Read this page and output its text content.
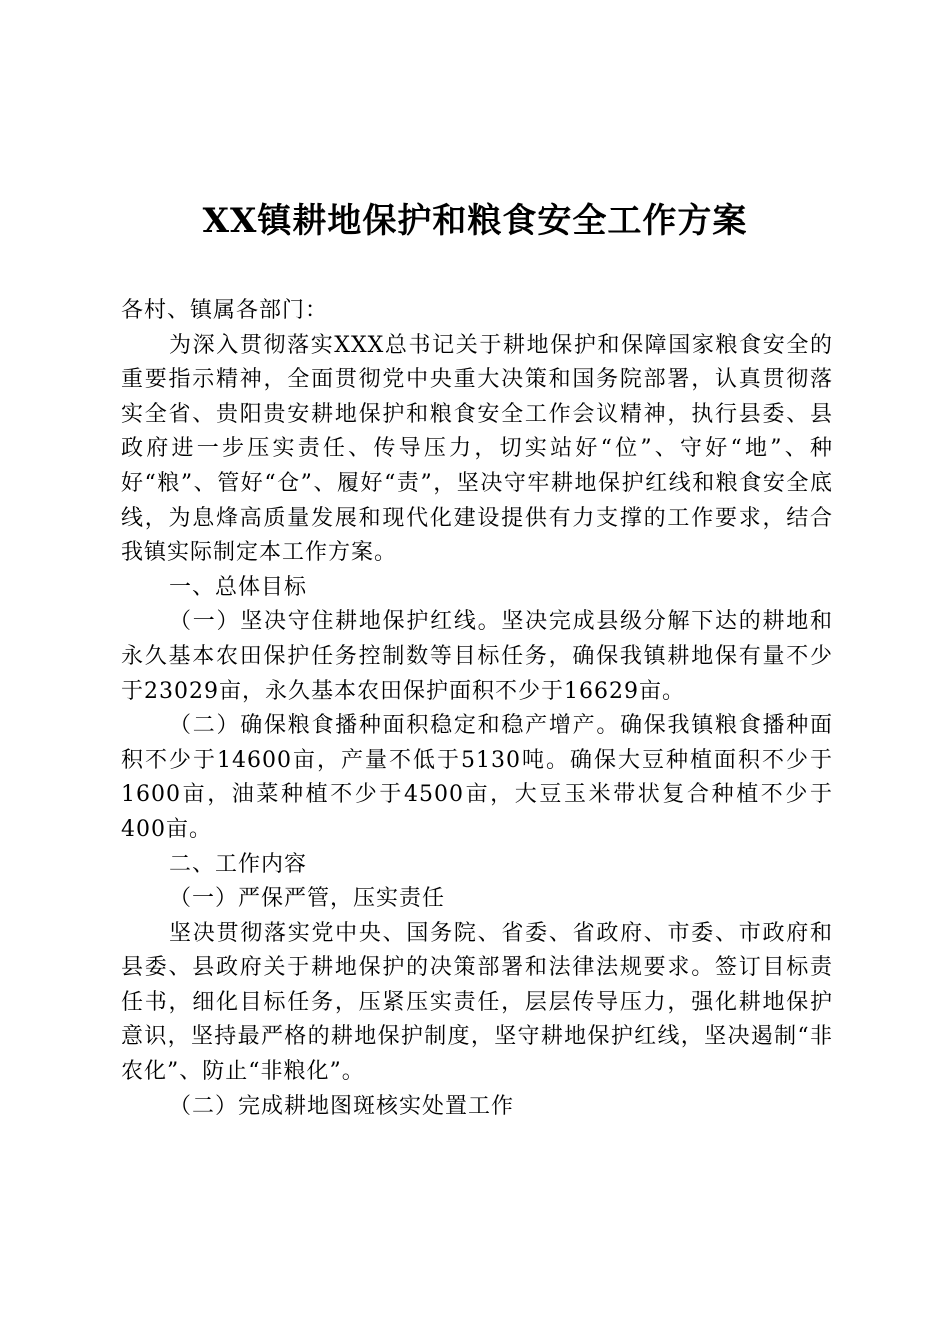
XX镇耕地保护和粮食安全工作方案

各村、镇属各部门：

为深入贯彻落实XXX总书记关于耕地保护和保障国家粮食安全的重要指示精神，全面贯彻党中央重大决策和国务院部署，认真贯彻落实全省、贵阳贵安耕地保护和粮食安全工作会议精神，执行县委、县政府进一步压实责任、传导压力，切实站好“位”、守好“地”、种好“粮”、管好“仓”、履好“责”，坚决守牢耕地保护红线和粮食安全底线，为息烽高质量发展和现代化建设提供有力支撑的工作要求，结合我镇实际制定本工作方案。

一、总体目标

（一）坚决守住耕地保护红线。坚决完成县级分解下达的耕地和永久基本农田保护任务控制数等目标任务，确保我镇耕地保有量不少于23029亩，永久基本农田保护面积不少于16629亩。

（二）确保粮食播种面积稳定和稳产增产。确保我镇粮食播种面积不少于14600亩，产量不低于5130吨。确保大豆种植面积不少于1600亩，油菜种植不少于4500亩，大豆玉米带状复合种植不少于400亩。

二、工作内容

（一）严保严管，压实责任

坚决贯彻落实党中央、国务院、省委、省政府、市委、市政府和县委、县政府关于耕地保护的决策部署和法律法规要求。签订目标责任书，细化目标任务，压紧压实责任，层层传导压力，强化耕地保护意识，坚持最严格的耕地保护制度，坚守耕地保护红线，坚决遏制“非农化”、防止“非粮化”。

（二）完成耕地图斑核实处置工作
